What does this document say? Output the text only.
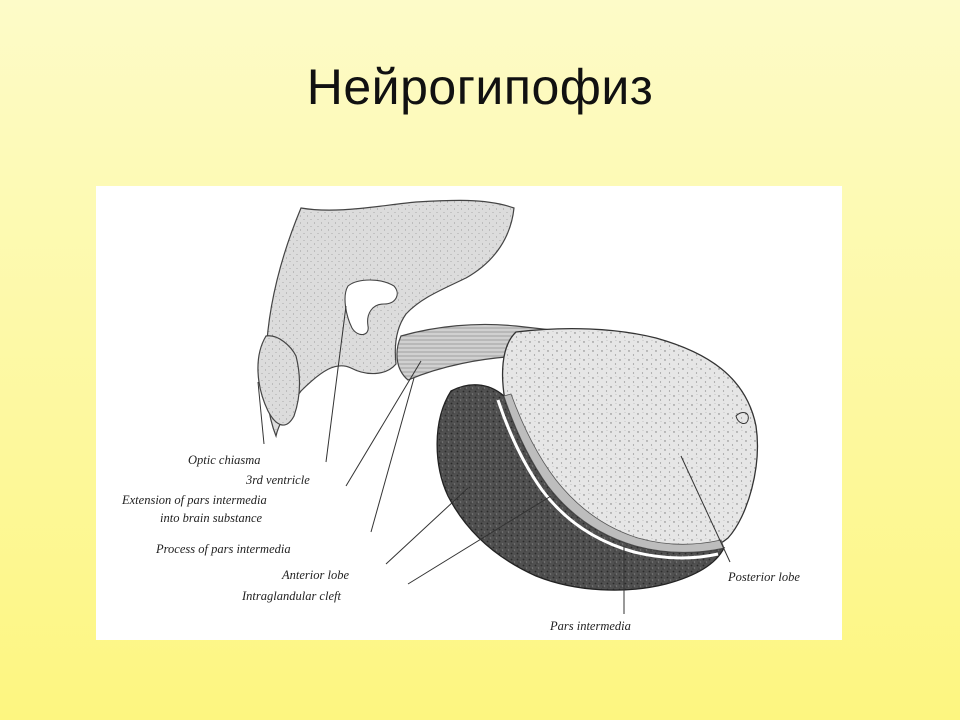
Нейрогипофиз
Optic chiasma
3rd ventricle
Extension of pars intermedia
into brain substance
Process of pars intermedia
Anterior lobe
Intraglandular cleft
Posterior lobe
Pars intermedia
